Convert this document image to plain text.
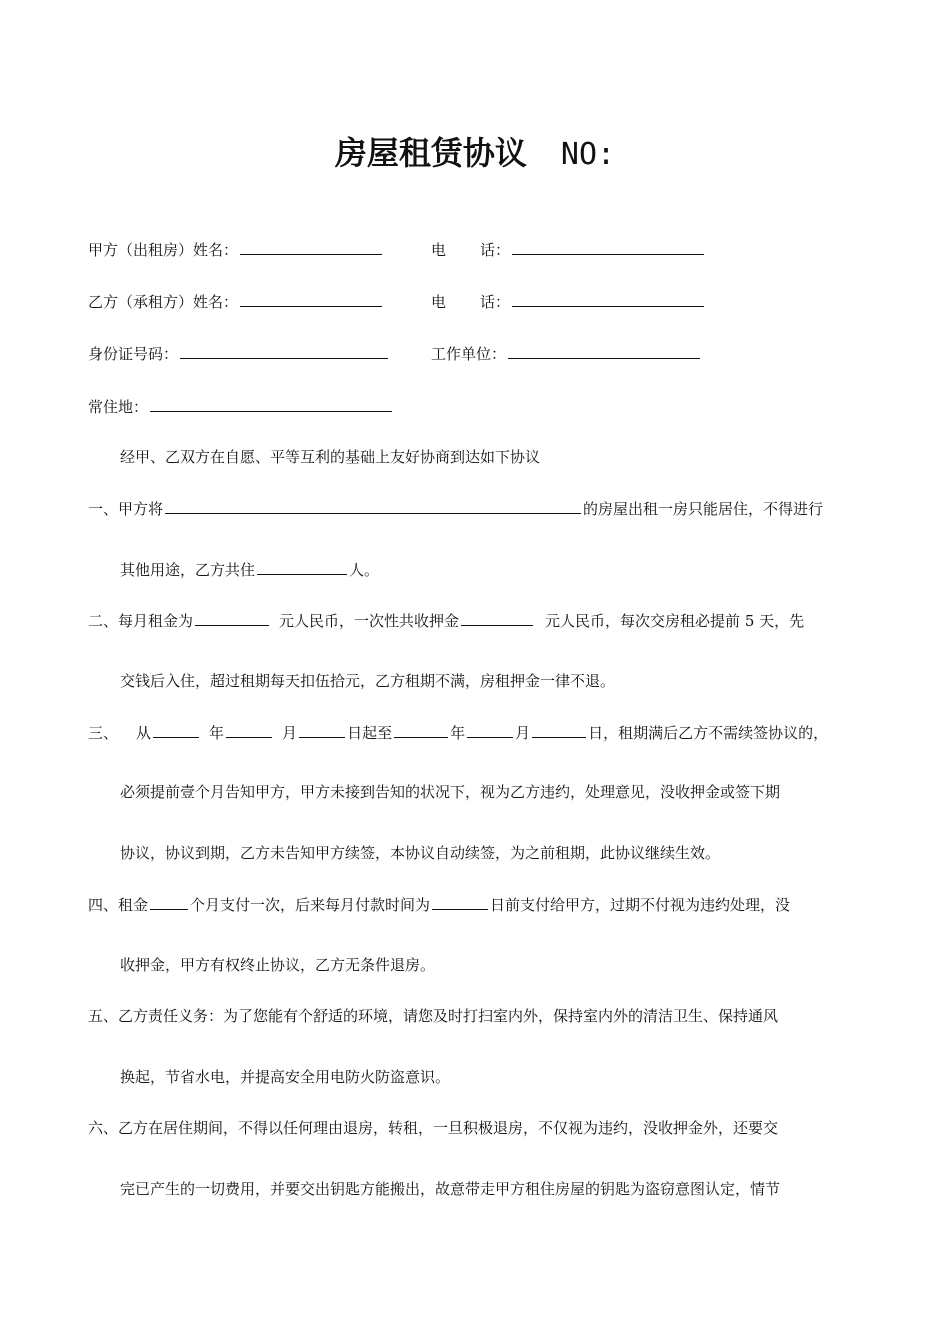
房屋租赁协议 NO:
甲方（出租房）姓名：	电 话：
乙方（承租方）姓名：	电 话：
身份证号码：	工作单位：
常住地：
经甲、乙双方在自愿、平等互利的基础上友好协商到达如下协议
一、甲方将	的房屋出租一房只能居住，不得进行
其他用途，乙方共住	人。
二、每月租金为	元人民币，一次性共收押金	元人民币，每次交房租必提前 5 天，先
交钱后入住，超过租期每天扣伍拾元，乙方租期不满，房租押金一律不退。
三、 从	年	月	日起至	年	月	日，租期满后乙方不需续签协议的，
必须提前壹个月告知甲方，甲方未接到告知的状况下，视为乙方违约，处理意见，没收押金或签下期
协议，协议到期，乙方未告知甲方续签，本协议自动续签，为之前租期，此协议继续生效。
四、租金	个月支付一次，后来每月付款时间为	日前支付给甲方，过期不付视为违约处理，没
收押金，甲方有权终止协议，乙方无条件退房。
五、乙方责任义务：为了您能有个舒适的环境，请您及时打扫室内外，保持室内外的清洁卫生、保持通风
换起，节省水电，并提高安全用电防火防盗意识。
六、乙方在居住期间，不得以任何理由退房，转租，一旦积极退房，不仅视为违约，没收押金外，还要交
完已产生的一切费用，并要交出钥匙方能搬出，故意带走甲方租住房屋的钥匙为盗窃意图认定，情节
